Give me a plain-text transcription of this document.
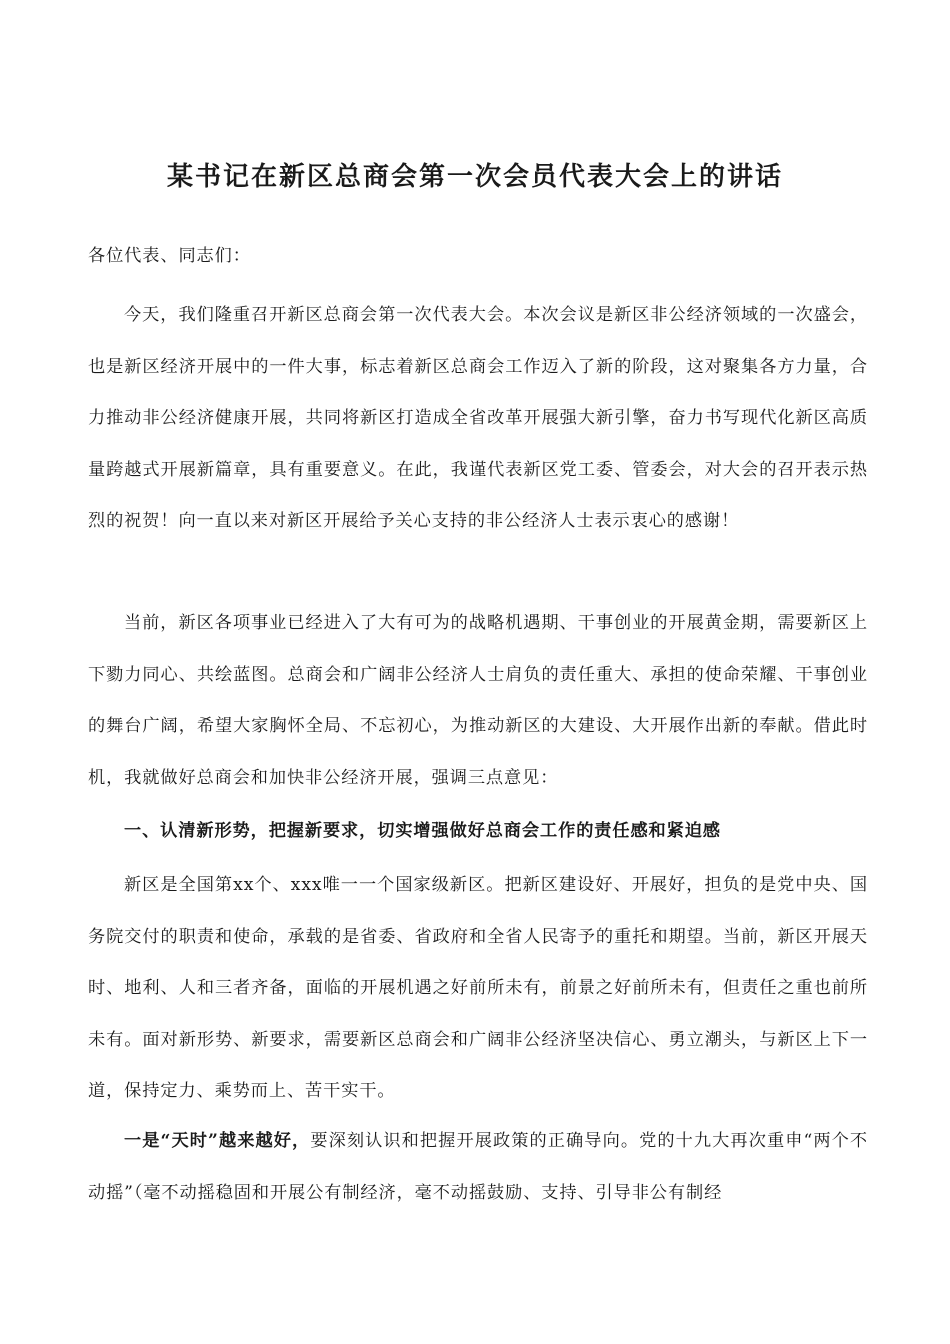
某书记在新区总商会第一次会员代表大会上的讲话

各位代表、同志们：

今天，我们隆重召开新区总商会第一次代表大会。本次会议是新区非公经济领域的一次盛会，也是新区经济开展中的一件大事，标志着新区总商会工作迈入了新的阶段，这对聚集各方力量，合力推动非公经济健康开展，共同将新区打造成全省改革开展强大新引擎，奋力书写现代化新区高质量跨越式开展新篇章，具有重要意义。在此，我谨代表新区党工委、管委会，对大会的召开表示热烈的祝贺！向一直以来对新区开展给予关心支持的非公经济人士表示衷心的感谢！

当前，新区各项事业已经进入了大有可为的战略机遇期、干事创业的开展黄金期，需要新区上下勠力同心、共绘蓝图。总商会和广阔非公经济人士肩负的责任重大、承担的使命荣耀、干事创业的舞台广阔，希望大家胸怀全局、不忘初心，为推动新区的大建设、大开展作出新的奉献。借此时机，我就做好总商会和加快非公经济开展，强调三点意见：

一、认清新形势，把握新要求，切实增强做好总商会工作的责任感和紧迫感

新区是全国第xx个、xxx唯一一个国家级新区。把新区建设好、开展好，担负的是党中央、国务院交付的职责和使命，承载的是省委、省政府和全省人民寄予的重托和期望。当前，新区开展天时、地利、人和三者齐备，面临的开展机遇之好前所未有，前景之好前所未有，但责任之重也前所未有。面对新形势、新要求，需要新区总商会和广阔非公经济坚决信心、勇立潮头，与新区上下一道，保持定力、乘势而上、苦干实干。

一是“天时”越来越好，要深刻认识和把握开展政策的正确导向。党的十九大再次重申“两个不动摇”（毫不动摇稳固和开展公有制经济，毫不动摇鼓励、支持、引导非公有制经
